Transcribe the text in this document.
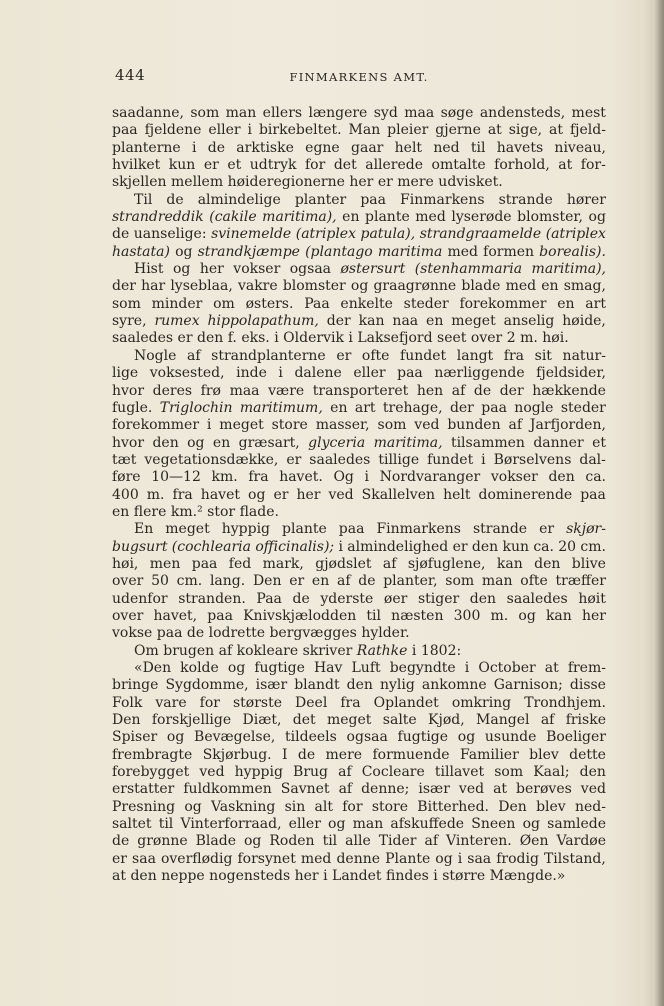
444	FINMARKENS AMT.
saadanne, som man ellers længere syd maa søge andensteds, mest
paa fjeldene eller i birkebeltet. Man pleier gjerne at sige, at fjeld-
planterne i de arktiske egne gaar helt ned til havets niveau,
hvilket kun er et udtryk for det allerede omtalte forhold, at for-
skjellen mellem høideregionerne her er mere udvisket.
Til de almindelige planter paa Finmarkens strande hører
strandreddik (cakile maritima), en plante med lyserøde blomster, og
de uanselige: svinemelde (atriplex patula), strandgraamelde (atriplex
hastata) og strandkjæmpe (plantago maritima med formen borealis).
Hist og her vokser ogsaa østersurt (stenhammaria maritima),
der har lyseblaa, vakre blomster og graagrønne blade med en smag,
som minder om østers. Paa enkelte steder forekommer en art
syre, rumex hippolapathum, der kan naa en meget anselig høide,
saaledes er den f. eks. i Oldervik i Laksefjord seet over 2 m. høi.
Nogle af strandplanterne er ofte fundet langt fra sit natur-
lige voksested, inde i dalene eller paa nærliggende fjeldsider,
hvor deres frø maa være transporteret hen af de der hækkende
fugle. Triglochin maritimum, en art trehage, der paa nogle steder
forekommer i meget store masser, som ved bunden af Jarfjorden,
hvor den og en græsart, glyceria maritima, tilsammen danner et
tæt vegetationsdække, er saaledes tillige fundet i Børselvens dal-
føre 10—12 km. fra havet. Og i Nordvaranger vokser den ca.
400 m. fra havet og er her ved Skallelven helt dominerende paa
en flere km.² stor flade.
En meget hyppig plante paa Finmarkens strande er skjør-
bugsurt (cochlearia officinalis); i almindelighed er den kun ca. 20 cm.
høi, men paa fed mark, gjødslet af sjøfuglene, kan den blive
over 50 cm. lang. Den er en af de planter, som man ofte træffer
udenfor stranden. Paa de yderste øer stiger den saaledes høit
over havet, paa Knivskjælodden til næsten 300 m. og kan her
vokse paa de lodrette bergvægges hylder.
Om brugen af kokleare skriver Rathke i 1802:
«Den kolde og fugtige Hav Luft begyndte i October at frem-
bringe Sygdomme, især blandt den nylig ankomne Garnison; disse
Folk vare for største Deel fra Oplandet omkring Trondhjem.
Den forskjellige Diæt, det meget salte Kjød, Mangel af friske
Spiser og Bevægelse, tildeels ogsaa fugtige og usunde Boeliger
frembragte Skjørbug. I de mere formuende Familier blev dette
forebygget ved hyppig Brug af Cocleare tillavet som Kaal; den
erstatter fuldkommen Savnet af denne; især ved at berøves ved
Presning og Vaskning sin alt for store Bitterhed. Den blev ned-
saltet til Vinterforraad, eller og man afskuffede Sneen og samlede
de grønne Blade og Roden til alle Tider af Vinteren. Øen Vardøe
er saa overflødig forsynet med denne Plante og i saa frodig Tilstand,
at den neppe nogensteds her i Landet findes i større Mængde.»
